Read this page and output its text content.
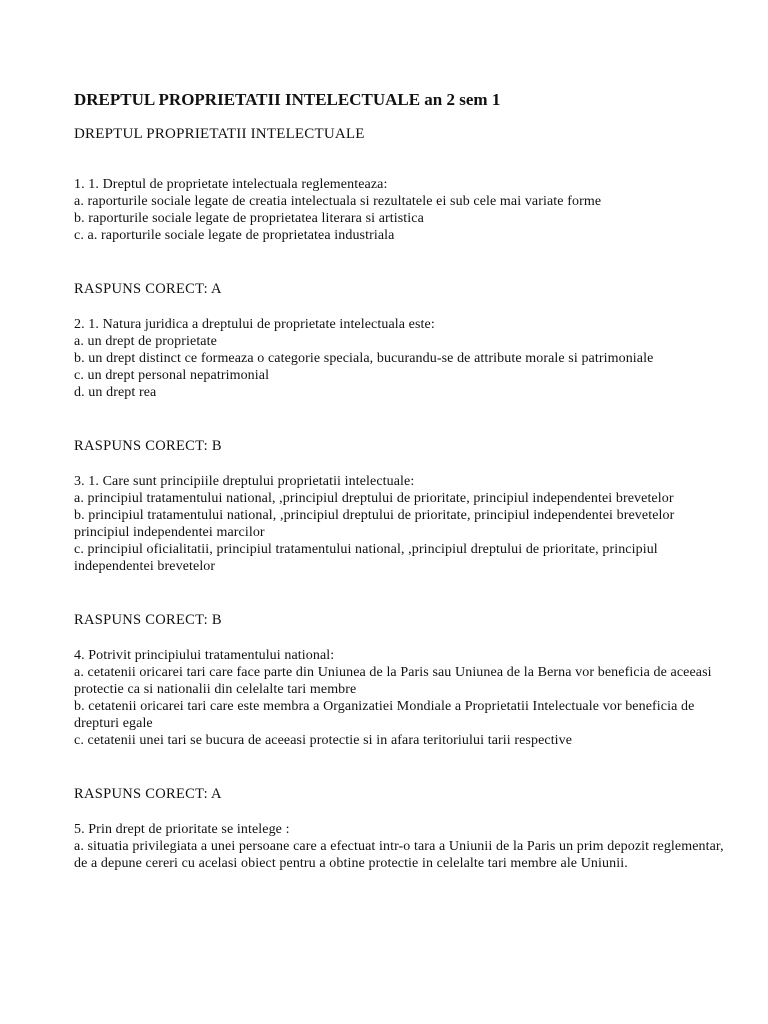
DREPTUL PROPRIETATII INTELECTUALE an 2 sem 1
DREPTUL PROPRIETATII INTELECTUALE
1. 1. Dreptul de proprietate intelectuala reglementeaza:
a. raporturile sociale legate de creatia intelectuala si rezultatele ei sub cele mai variate forme
b. raporturile sociale legate de proprietatea literara si artistica
c. a. raporturile sociale legate de proprietatea industriala
RASPUNS CORECT: A
2. 1. Natura juridica a dreptului de proprietate intelectuala este:
a. un drept de proprietate
b. un drept distinct ce formeaza o categorie speciala, bucurandu-se de attribute morale si patrimoniale
c. un drept personal nepatrimonial
d. un drept rea
RASPUNS CORECT: B
3. 1. Care sunt principiile dreptului proprietatii intelectuale:
a. principiul tratamentului national, ,principiul dreptului de prioritate, principiul independentei brevetelor
b. principiul tratamentului national, ,principiul dreptului de prioritate, principiul independentei brevetelor principiul independentei marcilor
c. principiul oficialitatii, principiul tratamentului national, ,principiul dreptului de prioritate, principiul independentei brevetelor
RASPUNS CORECT: B
4. Potrivit principiului tratamentului national:
a. cetatenii oricarei tari care face parte din Uniunea de la Paris sau Uniunea de la Berna vor beneficia de aceeasi protectie ca si nationalii din celelalte tari membre
b. cetatenii oricarei tari care este membra a Organizatiei Mondiale a Proprietatii Intelectuale vor beneficia de drepturi egale
c. cetatenii unei tari se bucura de aceeasi protectie si in afara teritoriului tarii respective
RASPUNS CORECT: A
5. Prin drept de prioritate se intelege :
a. situatia privilegiata a unei persoane care a efectuat intr-o tara a Uniunii de la Paris un prim depozit reglementar, de a depune cereri cu acelasi obiect pentru a obtine protectie in celelalte tari membre ale Uniunii.
